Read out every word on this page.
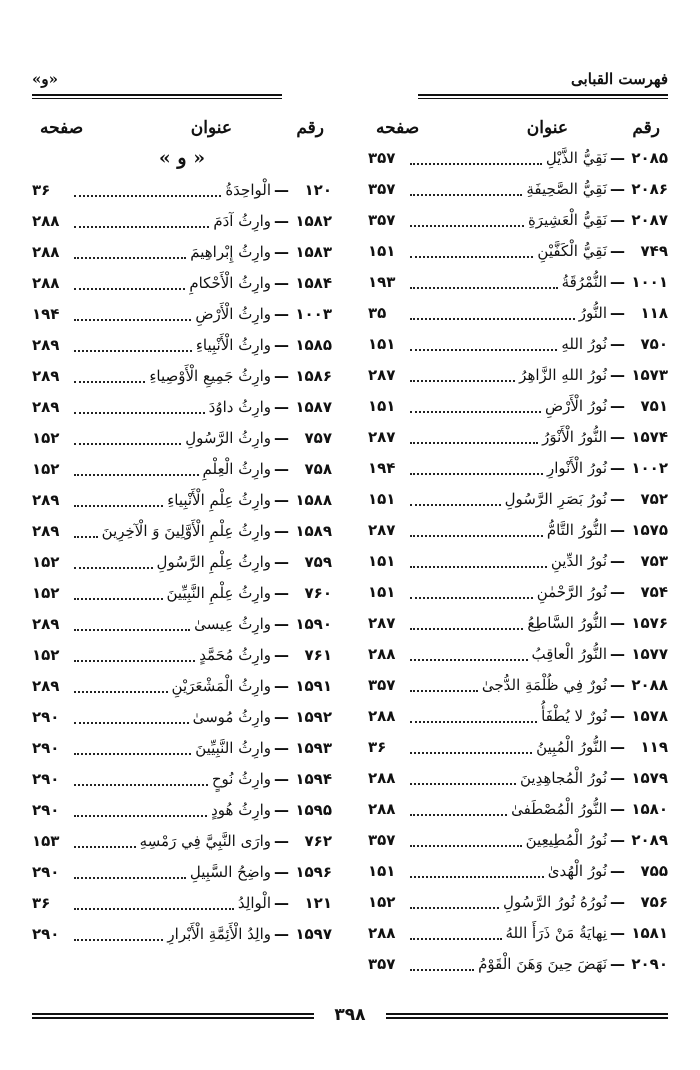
فهرست القبابی
«و»
رقم
عنوان
صفحه
۲۰۸۵
—
نَقِيُّ الذَّيْلِ
۳۵۷
۲۰۸۶
—
نَقِيُّ الصَّحِيفَةِ
۳۵۷
۲۰۸۷
—
نَقِيُّ الْعَشِيرَةِ
۳۵۷
۷۴۹
—
نَقِيُّ الْكَفَّيْنِ
۱۵۱
۱۰۰۱
—
النُّمْرُقَةُ
۱۹۳
۱۱۸
—
النُّورُ
۳۵
۷۵۰
—
نُورُ اللهِ
۱۵۱
۱۵۷۳
—
نُورُ اللهِ الزَّاهِرُ
۲۸۷
۷۵۱
—
نُورُ الْأَرْضِ
۱۵۱
۱۵۷۴
—
النُّورُ الْأَنْوَرُ
۲۸۷
۱۰۰۲
—
نُورُ الْأَنْوارِ
۱۹۴
۷۵۲
—
نُورُ بَصَرِ الرَّسُولِ
۱۵۱
۱۵۷۵
—
النُّورُ التَّامُّ
۲۸۷
۷۵۳
—
نُورُ الدِّينِ
۱۵۱
۷۵۴
—
نُورُ الرَّحْمٰنِ
۱۵۱
۱۵۷۶
—
النُّورُ السَّاطِعُ
۲۸۷
۱۵۷۷
—
النُّورُ الْعاقِبُ
۲۸۸
۲۰۸۸
—
نُورٌ فِي ظُلْمَةِ الدُّجىٰ
۳۵۷
۱۵۷۸
—
نُورٌ لا يُطْفَأُ
۲۸۸
۱۱۹
—
النُّورُ الْمُبِينُ
۳۶
۱۵۷۹
—
نُورُ الْمُجاهِدِينَ
۲۸۸
۱۵۸۰
—
النُّورُ الْمُصْطَفىٰ
۲۸۸
۲۰۸۹
—
نُورُ الْمُطِيعِينَ
۳۵۷
۷۵۵
—
نُورُ الْهُدىٰ
۱۵۱
۷۵۶
—
نُورُهُ نُورُ الرَّسُولِ
۱۵۲
۱۵۸۱
—
نِهايَةُ مَنْ ذَرَأَ اللهُ
۲۸۸
۲۰۹۰
—
نَهَضَ حِينَ وَهَنَ الْقَوْمُ
۳۵۷
رقم
عنوان
صفحه
« و »
۱۲۰
—
الْواحِدَةُ
۳۶
۱۵۸۲
—
وارِثُ آدَمَ
۲۸۸
۱۵۸۳
—
وارِثُ إِبْراهِيمَ
۲۸۸
۱۵۸۴
—
وارِثُ الْأَحْكامِ
۲۸۸
۱۰۰۳
—
وارِثُ الْأَرْضِ
۱۹۴
۱۵۸۵
—
وارِثُ الْأَنْبِياءِ
۲۸۹
۱۵۸۶
—
وارِثُ جَمِيعِ الْأَوْصِياءِ
۲۸۹
۱۵۸۷
—
وارِثُ داوُدَ
۲۸۹
۷۵۷
—
وارِثُ الرَّسُولِ
۱۵۲
۷۵۸
—
وارِثُ الْعِلْمِ
۱۵۲
۱۵۸۸
—
وارِثُ عِلْمِ الْأَنْبِياءِ
۲۸۹
۱۵۸۹
—
وارِثُ عِلْمِ الْأَوَّلِينَ وَ الْآخِرِينَ
۲۸۹
۷۵۹
—
وارِثُ عِلْمِ الرَّسُولِ
۱۵۲
۷۶۰
—
وارِثُ عِلْمِ النَّبِيِّينَ
۱۵۲
۱۵۹۰
—
وارِثُ عِيسىٰ
۲۸۹
۷۶۱
—
وارِثُ مُحَمَّدٍ
۱۵۲
۱۵۹۱
—
وارِثُ الْمَشْعَرَيْنِ
۲۸۹
۱۵۹۲
—
وارِثُ مُوسىٰ
۲۹۰
۱۵۹۳
—
وارِثُ النَّبِيِّينَ
۲۹۰
۱۵۹۴
—
وارِثُ نُوحٍ
۲۹۰
۱۵۹۵
—
وارِثُ هُودٍ
۲۹۰
۷۶۲
—
وارَى النَّبِيَّ فِي رَمْسِهِ
۱۵۳
۱۵۹۶
—
واضِحُ السَّبِيلِ
۲۹۰
۱۲۱
—
الْوالِدُ
۳۶
۱۵۹۷
—
والِدُ الْأَئِمَّةِ الْأَبْرارِ
۲۹۰
۳۹۸
